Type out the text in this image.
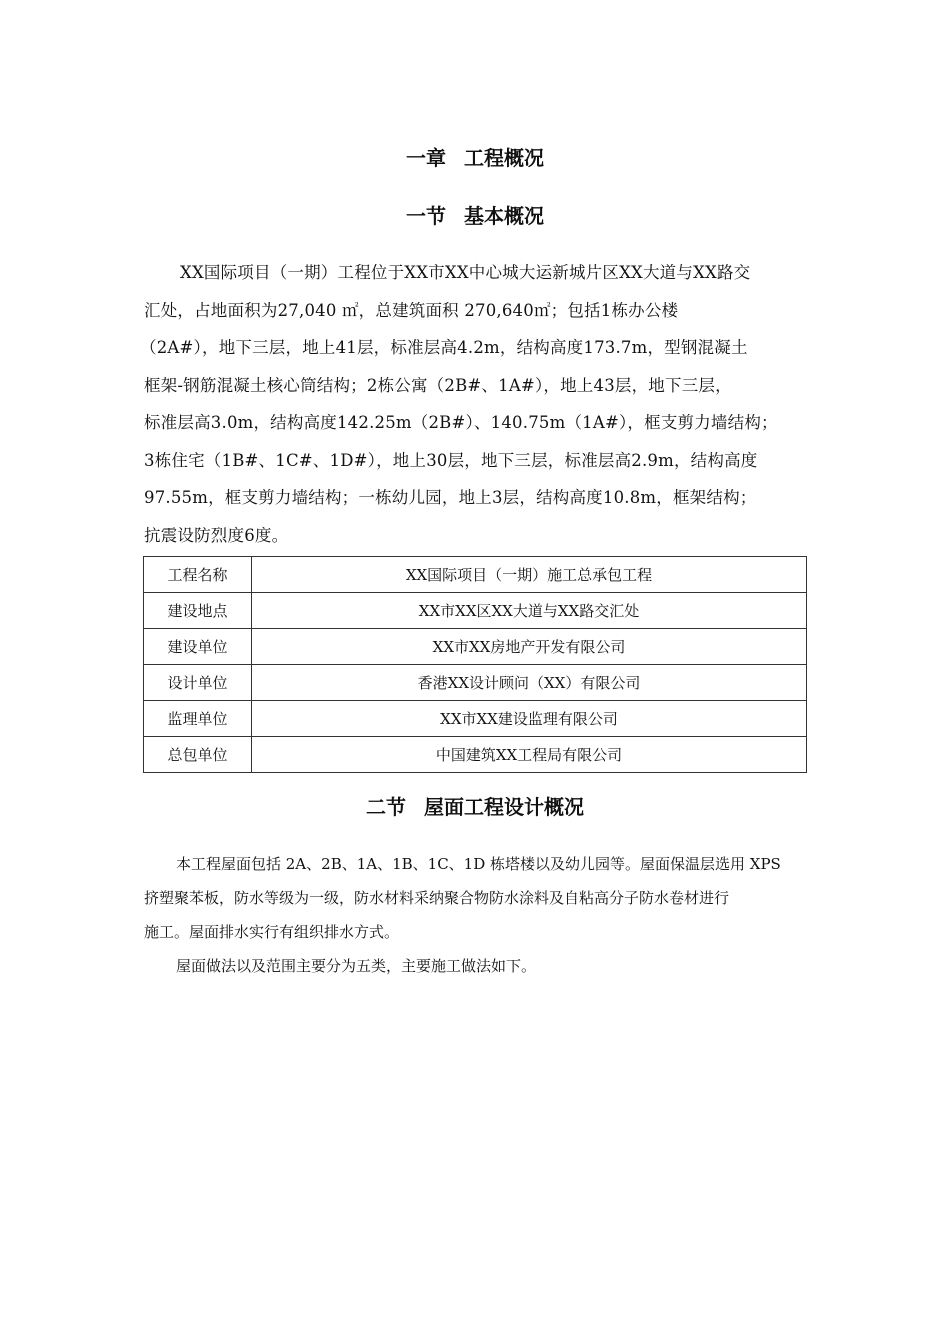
一章 工程概况
一节 基本概况
XX国际项目（一期）工程位于XX市XX中心城大运新城片区XX大道与XX路交
汇处，占地面积为27,040 ㎡，总建筑面积 270,640㎡；包括1栋办公楼
（2A#），地下三层，地上41层，标准层高4.2m，结构高度173.7m，型钢混凝土
框架-钢筋混凝土核心筒结构；2栋公寓（2B#、1A#），地上43层，地下三层，
标准层高3.0m，结构高度142.25m（2B#）、140.75m（1A#），框支剪力墙结构；
3栋住宅（1B#、1C#、1D#），地上30层，地下三层，标准层高2.9m，结构高度
97.55m，框支剪力墙结构；一栋幼儿园，地上3层，结构高度10.8m，框架结构；
抗震设防烈度6度。
工程名称	XX国际项目（一期）施工总承包工程
建设地点	XX市XX区XX大道与XX路交汇处
建设单位	XX市XX房地产开发有限公司
设计单位	香港XX设计顾问（XX）有限公司
监理单位	XX市XX建设监理有限公司
总包单位	中国建筑XX工程局有限公司
二节 屋面工程设计概况
本工程屋面包括 2A、2B、1A、1B、1C、1D 栋塔楼以及幼儿园等。屋面保温层选用 XPS
挤塑聚苯板，防水等级为一级，防水材料采纳聚合物防水涂料及自粘高分子防水卷材进行
施工。屋面排水实行有组织排水方式。
屋面做法以及范围主要分为五类，主要施工做法如下。
